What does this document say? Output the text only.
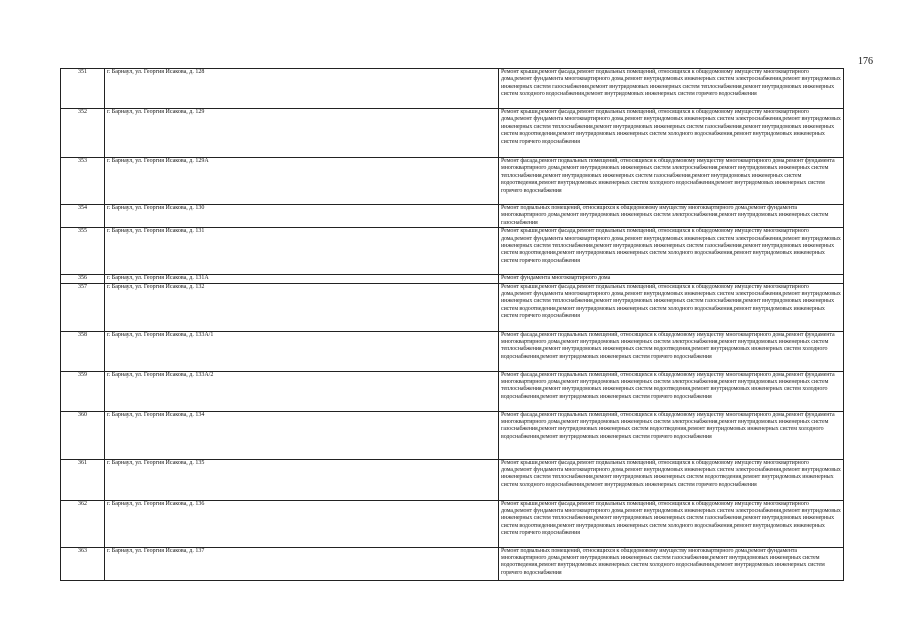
176
351	г. Барнаул, ул. Георгия Исакова, д. 128	Ремонт крыши,ремонт фасада,ремонт подвальных помещений, относящихся к общедомовому имуществу многоквартирного дома,ремонт фундамента многоквартирного дома,ремонт внутридомовых инженерных систем электроснабжения,ремонт внутридомовых инженерных систем газоснабжения,ремонт внутридомовых инженерных систем теплоснабжения,ремонт внутридомовых инженерных систем холодного водоснабжения,ремонт внутридомовых инженерных систем горячего водоснабжения
352	г. Барнаул, ул. Георгия Исакова, д. 129	Ремонт крыши,ремонт фасада,ремонт подвальных помещений, относящихся к общедомовому имуществу многоквартирного дома,ремонт фундамента многоквартирного дома,ремонт внутридомовых инженерных систем электроснабжения,ремонт внутридомовых инженерных систем теплоснабжения,ремонт внутридомовых инженерных систем газоснабжения,ремонт внутридомовых инженерных систем водоотведения,ремонт внутридомовых инженерных систем холодного водоснабжения,ремонт внутридомовых инженерных систем горячего водоснабжения
353	г. Барнаул, ул. Георгия Исакова, д. 129А	Ремонт фасада,ремонт подвальных помещений, относящихся к общедомовому имуществу многоквартирного дома,ремонт фундамента многоквартирного дома,ремонт внутридомовых инженерных систем электроснабжения,ремонт внутридомовых инженерных систем теплоснабжения,ремонт внутридомовых инженерных систем газоснабжения,ремонт внутридомовых инженерных систем водоотведения,ремонт внутридомовых инженерных систем холодного водоснабжения,ремонт внутридомовых инженерных систем горячего водоснабжения
354	г. Барнаул, ул. Георгия Исакова, д. 130	Ремонт подвальных помещений, относящихся к общедомовому имуществу многоквартирного дома,ремонт фундамента многоквартирного дома,ремонт внутридомовых инженерных систем электроснабжения,ремонт внутридомовых инженерных систем газоснабжения
355	г. Барнаул, ул. Георгия Исакова, д. 131	Ремонт крыши,ремонт фасада,ремонт подвальных помещений, относящихся к общедомовому имуществу многоквартирного дома,ремонт фундамента многоквартирного дома,ремонт внутридомовых инженерных систем электроснабжения,ремонт внутридомовых инженерных систем теплоснабжения,ремонт внутридомовых инженерных систем газоснабжения,ремонт внутридомовых инженерных систем водоотведения,ремонт внутридомовых инженерных систем холодного водоснабжения,ремонт внутридомовых инженерных систем горячего водоснабжения
356	г. Барнаул, ул. Георгия Исакова, д. 131А	Ремонт фундамента многоквартирного дома
357	г. Барнаул, ул. Георгия Исакова, д. 132	Ремонт крыши,ремонт фасада,ремонт подвальных помещений, относящихся к общедомовому имуществу многоквартирного дома,ремонт фундамента многоквартирного дома,ремонт внутридомовых инженерных систем электроснабжения,ремонт внутридомовых инженерных систем теплоснабжения,ремонт внутридомовых инженерных систем газоснабжения,ремонт внутридомовых инженерных систем водоотведения,ремонт внутридомовых инженерных систем холодного водоснабжения,ремонт внутридомовых инженерных систем горячего водоснабжения
358	г. Барнаул, ул. Георгия Исакова, д. 133А/1	Ремонт фасада,ремонт подвальных помещений, относящихся к общедомовому имуществу многоквартирного дома,ремонт фундамента многоквартирного дома,ремонт внутридомовых инженерных систем электроснабжения,ремонт внутридомовых инженерных систем теплоснабжения,ремонт внутридомовых инженерных систем водоотведения,ремонт внутридомовых инженерных систем холодного водоснабжения,ремонт внутридомовых инженерных систем горячего водоснабжения
359	г. Барнаул, ул. Георгия Исакова, д. 133А/2	Ремонт фасада,ремонт подвальных помещений, относящихся к общедомовому имуществу многоквартирного дома,ремонт фундамента многоквартирного дома,ремонт внутридомовых инженерных систем электроснабжения,ремонт внутридомовых инженерных систем теплоснабжения,ремонт внутридомовых инженерных систем водоотведения,ремонт внутридомовых инженерных систем холодного водоснабжения,ремонт внутридомовых инженерных систем горячего водоснабжения
360	г. Барнаул, ул. Георгия Исакова, д. 134	Ремонт фасада,ремонт подвальных помещений, относящихся к общедомовому имуществу многоквартирного дома,ремонт фундамента многоквартирного дома,ремонт внутридомовых инженерных систем электроснабжения,ремонт внутридомовых инженерных систем газоснабжения,ремонт внутридомовых инженерных систем водоотведения,ремонт внутридомовых инженерных систем холодного водоснабжения,ремонт внутридомовых инженерных систем горячего водоснабжения
361	г. Барнаул, ул. Георгия Исакова, д. 135	Ремонт крыши,ремонт фасада,ремонт подвальных помещений, относящихся к общедомовому имуществу многоквартирного дома,ремонт фундамента многоквартирного дома,ремонт внутридомовых инженерных систем электроснабжения,ремонт внутридомовых инженерных систем теплоснабжения,ремонт внутридомовых инженерных систем водоотведения,ремонт внутридомовых инженерных систем холодного водоснабжения,ремонт внутридомовых инженерных систем горячего водоснабжения
362	г. Барнаул, ул. Георгия Исакова, д. 136	Ремонт крыши,ремонт фасада,ремонт подвальных помещений, относящихся к общедомовому имуществу многоквартирного дома,ремонт фундамента многоквартирного дома,ремонт внутридомовых инженерных систем электроснабжения,ремонт внутридомовых инженерных систем теплоснабжения,ремонт внутридомовых инженерных систем газоснабжения,ремонт внутридомовых инженерных систем водоотведения,ремонт внутридомовых инженерных систем холодного водоснабжения,ремонт внутридомовых инженерных систем горячего водоснабжения
363	г. Барнаул, ул. Георгия Исакова, д. 137	Ремонт подвальных помещений, относящихся к общедомовому имуществу многоквартирного дома,ремонт фундамента многоквартирного дома,ремонт внутридомовых инженерных систем газоснабжения,ремонт внутридомовых инженерных систем водоотведения,ремонт внутридомовых инженерных систем холодного водоснабжения,ремонт внутридомовых инженерных систем горячего водоснабжения
